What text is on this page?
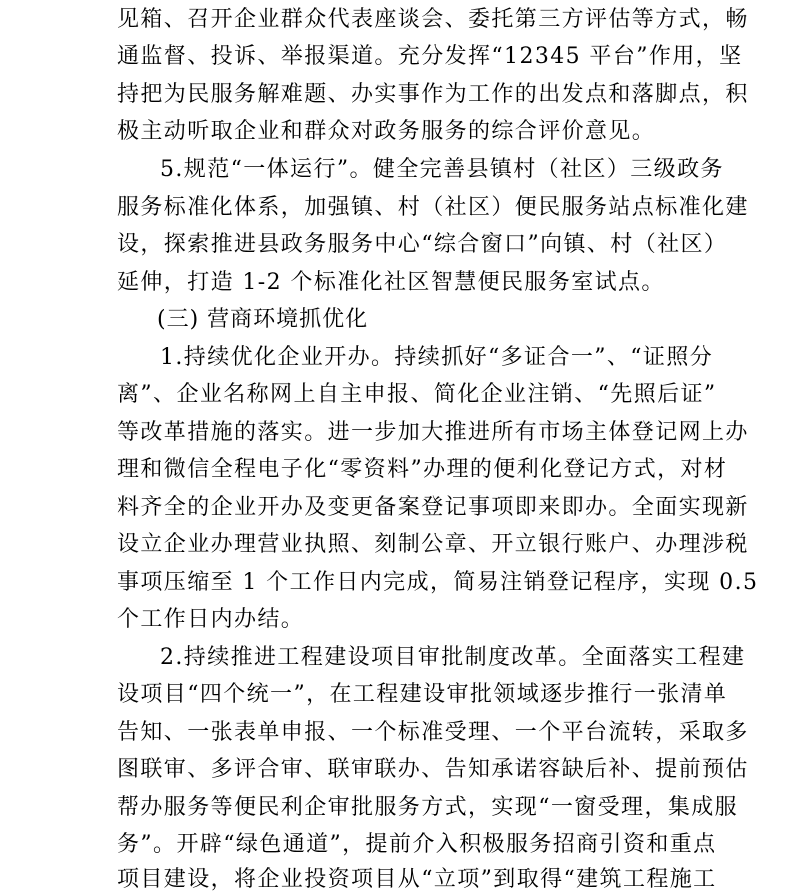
见箱、召开企业群众代表座谈会、委托第三方评估等方式，畅
通监督、投诉、举报渠道。充分发挥“12345 平台”作用，坚
持把为民服务解难题、办实事作为工作的出发点和落脚点，积
极主动听取企业和群众对政务服务的综合评价意见。
5.规范“一体运行”。健全完善县镇村（社区）三级政务
服务标准化体系，加强镇、村（社区）便民服务站点标准化建
设，探索推进县政务服务中心“综合窗口”向镇、村（社区）
延伸，打造 1-2 个标准化社区智慧便民服务室试点。
(三) 营商环境抓优化
1.持续优化企业开办。持续抓好“多证合一”、“证照分
离”、企业名称网上自主申报、简化企业注销、“先照后证”
等改革措施的落实。进一步加大推进所有市场主体登记网上办
理和微信全程电子化“零资料”办理的便利化登记方式，对材
料齐全的企业开办及变更备案登记事项即来即办。全面实现新
设立企业办理营业执照、刻制公章、开立银行账户、办理涉税
事项压缩至 1 个工作日内完成，简易注销登记程序，实现 0.5
个工作日内办结。
2.持续推进工程建设项目审批制度改革。全面落实工程建
设项目“四个统一”，在工程建设审批领域逐步推行一张清单
告知、一张表单申报、一个标准受理、一个平台流转，采取多
图联审、多评合审、联审联办、告知承诺容缺后补、提前预估
帮办服务等便民利企审批服务方式，实现“一窗受理，集成服
务”。开辟“绿色通道”，提前介入积极服务招商引资和重点
项目建设，将企业投资项目从“立项”到取得“建筑工程施工
